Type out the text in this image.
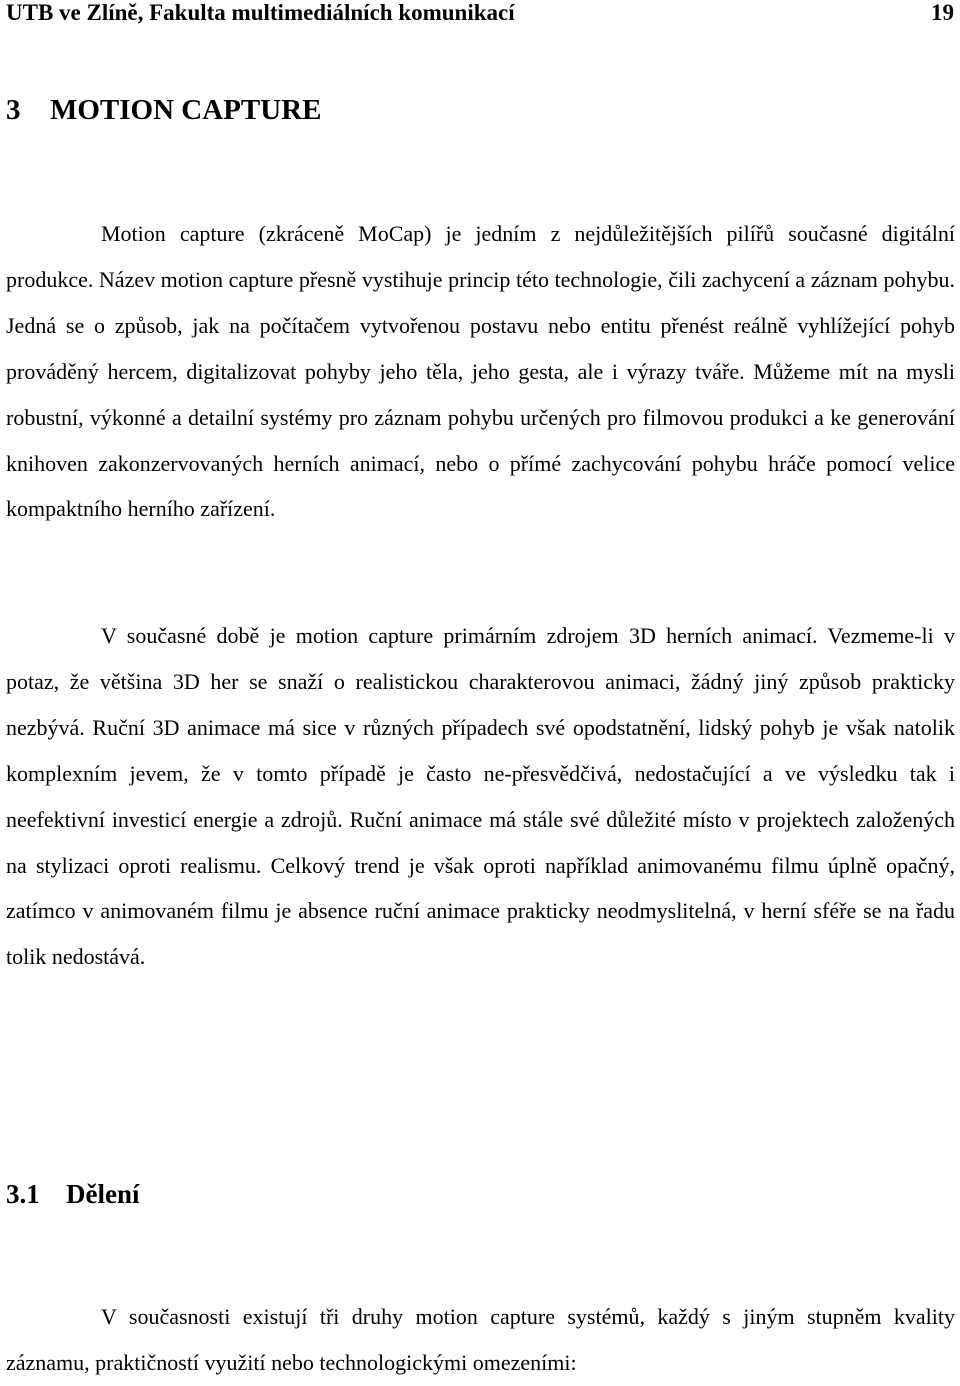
UTB ve Zlíně, Fakulta multimediálních komunikací	19
3 MOTION CAPTURE

Motion capture (zkráceně MoCap) je jedním z nejdůležitějších pilířů současné digitální produkce. Název motion capture přesně vystihuje princip této technologie, čili zachycení a záznam pohybu. Jedná se o způsob, jak na počítačem vytvořenou postavu nebo entitu přenést reálně vyhlížející pohyb prováděný hercem, digitalizovat pohyby jeho těla, jeho gesta, ale i výrazy tváře. Můžeme mít na mysli robustní, výkonné a detailní systémy pro záznam pohybu určených pro filmovou produkci a ke generování knihoven zakonzervovaných herních animací, nebo o přímé zachycování pohybu hráče pomocí velice kompaktního herního zařízení.

V současné době je motion capture primárním zdrojem 3D herních animací. Vezmeme-li v potaz, že většina 3D her se snaží o realistickou charakterovou animaci, žádný jiný způsob prakticky nezbývá. Ruční 3D animace má sice v různých případech své opodstatnění, lidský pohyb je však natolik komplexním jevem, že v tomto případě je často ne-přesvědčivá, nedostačující a ve výsledku tak i neefektivní investicí energie a zdrojů. Ruční animace má stále své důležité místo v projektech založených na stylizaci oproti realismu. Celkový trend je však oproti například animovanému filmu úplně opačný, zatímco v animovaném filmu je absence ruční animace prakticky neodmyslitelná, v herní sféře se na řadu tolik nedostává.

3.1 Dělení

V současnosti existují tři druhy motion capture systémů, každý s jiným stupněm kvality záznamu, praktičností využití nebo technologickými omezeními:
